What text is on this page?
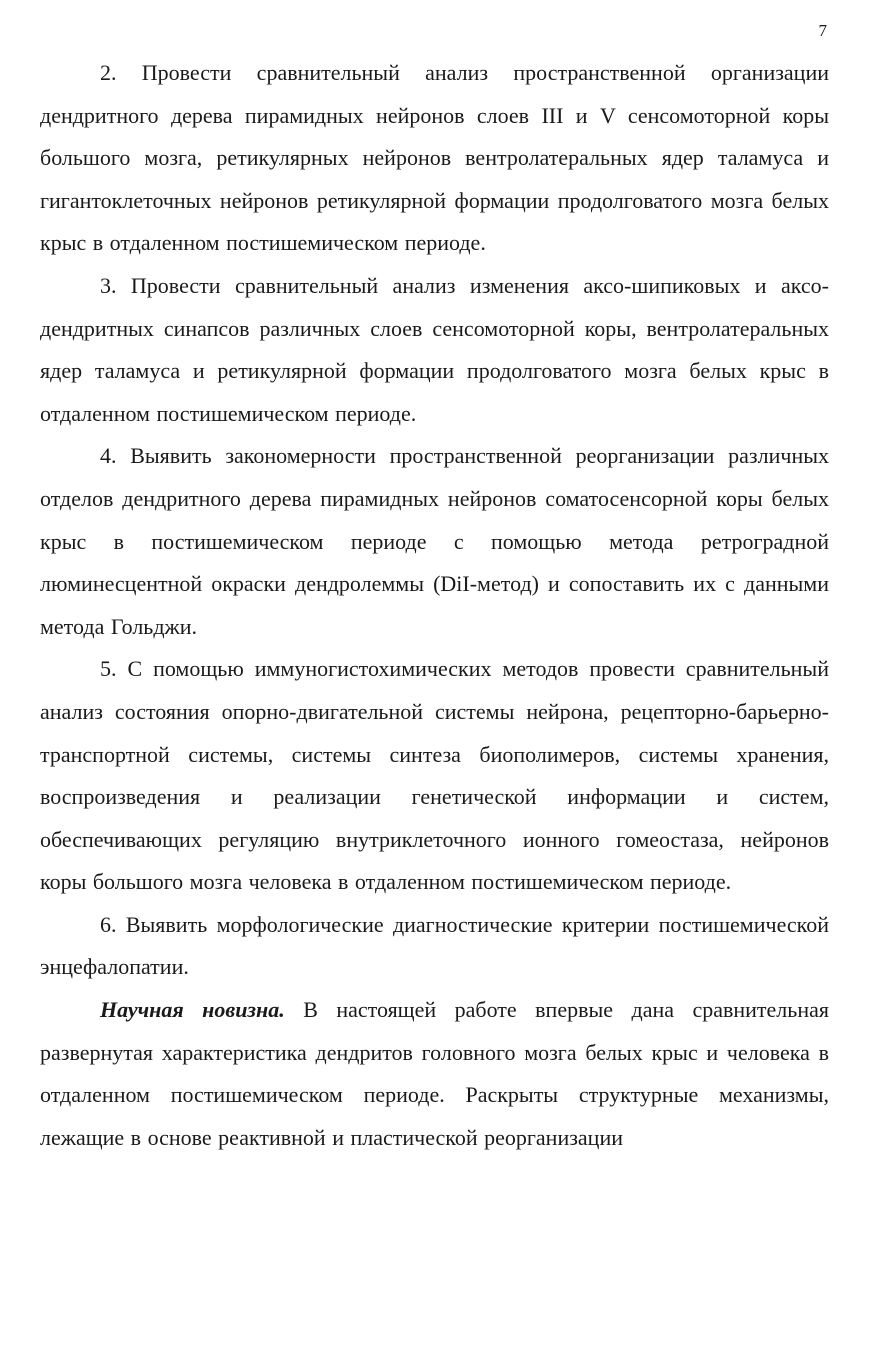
7

2. Провести сравнительный анализ пространственной организации дендритного дерева пирамидных нейронов слоев III и V сенсомоторной коры большого мозга, ретикулярных нейронов вентролатеральных ядер таламуса и гигантоклеточных нейронов ретикулярной формации продолговатого мозга белых крыс в отдаленном постишемическом периоде.

3. Провести сравнительный анализ изменения аксо-шипиковых и аксо-дендритных синапсов различных слоев сенсомоторной коры, вентролатеральных ядер таламуса и ретикулярной формации продолговатого мозга белых крыс в отдаленном постишемическом периоде.

4. Выявить закономерности пространственной реорганизации различных отделов дендритного дерева пирамидных нейронов соматосенсорной коры белых крыс в постишемическом периоде с помощью метода ретроградной люминесцентной окраски дендролеммы (DiI-метод) и сопоставить их с данными метода Гольджи.

5. С помощью иммуногистохимических методов провести сравнительный анализ состояния опорно-двигательной системы нейрона, рецепторно-барьерно-транспортной системы, системы синтеза биополимеров, системы хранения, воспроизведения и реализации генетической информации и систем, обеспечивающих регуляцию внутриклеточного ионного гомеостаза, нейронов коры большого мозга человека в отдаленном постишемическом периоде.

6. Выявить морфологические диагностические критерии постишемической энцефалопатии.

Научная новизна. В настоящей работе впервые дана сравнительная развернутая характеристика дендритов головного мозга белых крыс и человека в отдаленном постишемическом периоде. Раскрыты структурные механизмы, лежащие в основе реактивной и пластической реорганизации
